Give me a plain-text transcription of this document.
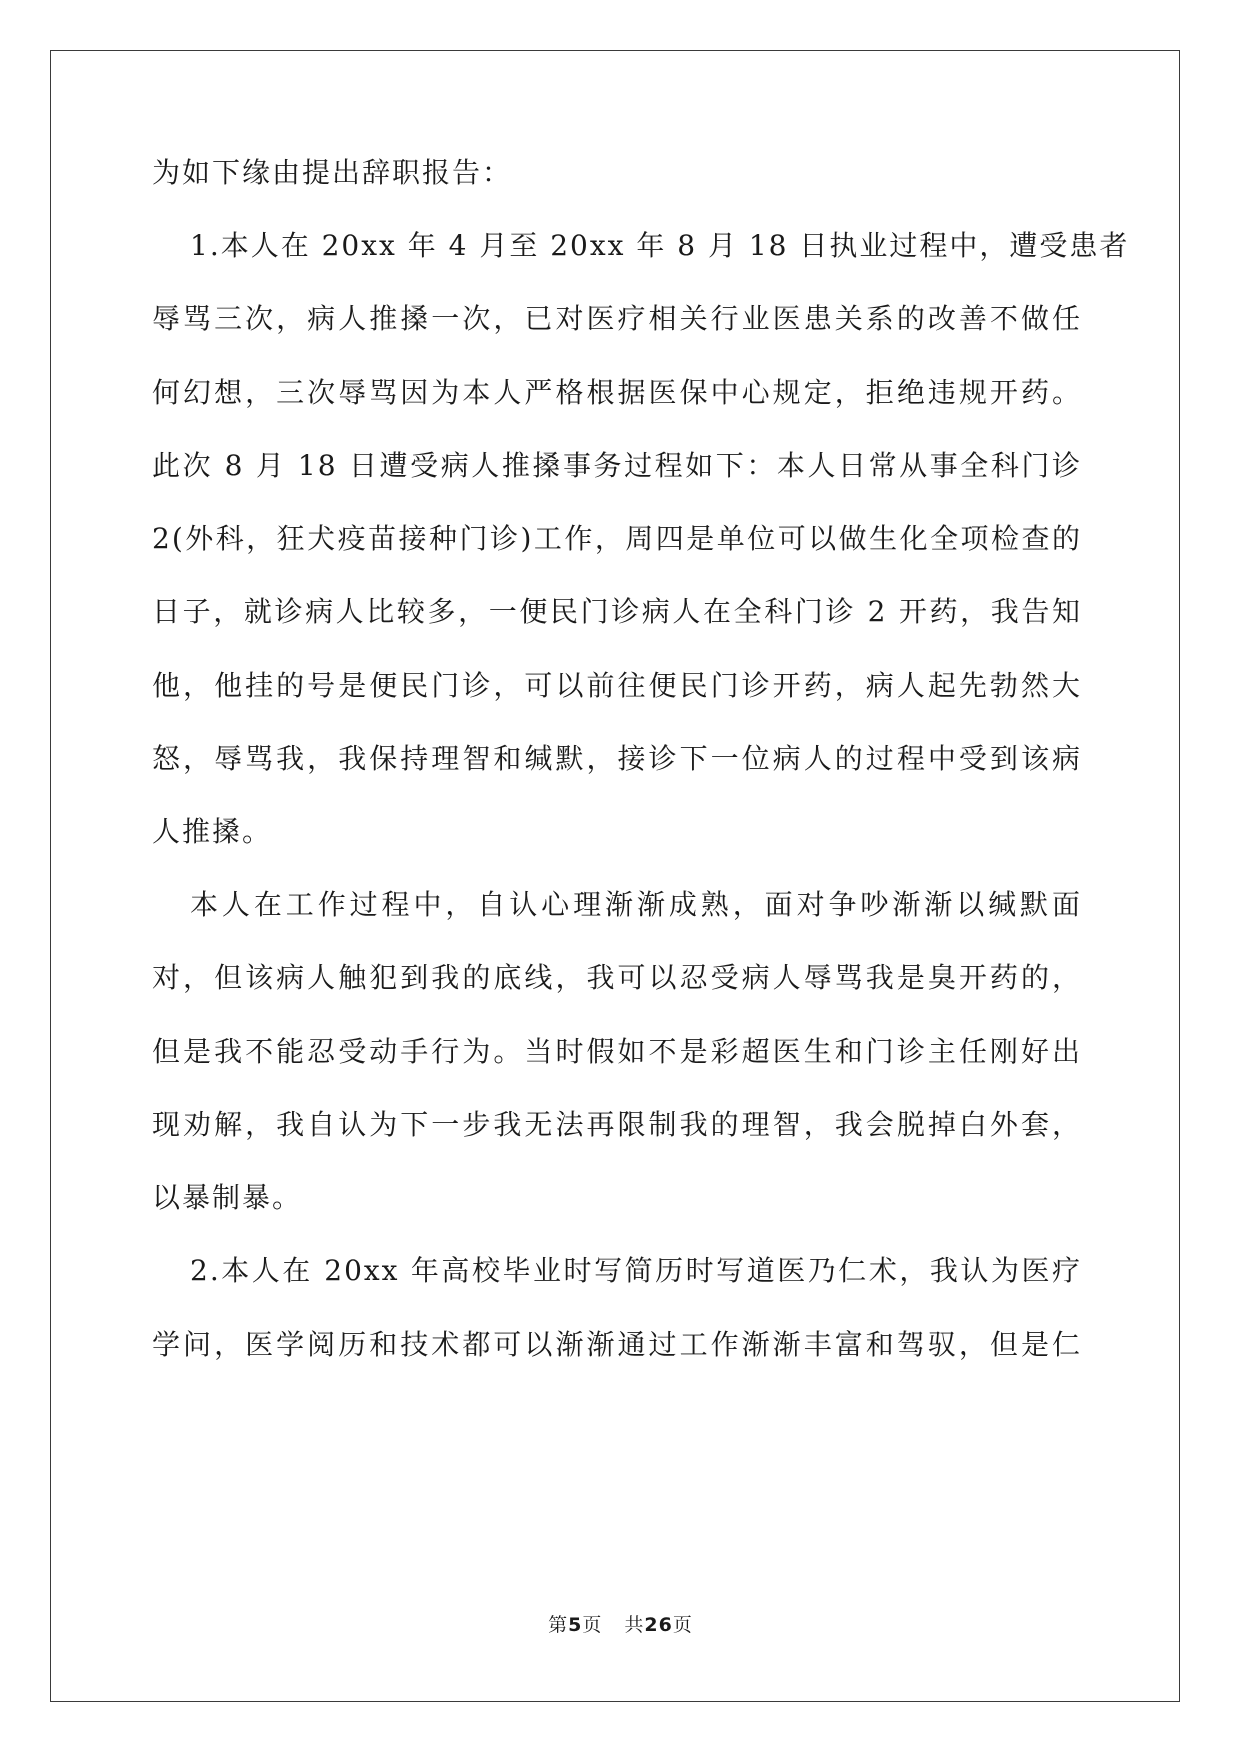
为如下缘由提出辞职报告：
1.本人在 20xx 年 4 月至 20xx 年 8 月 18 日执业过程中，遭受患者
辱骂三次，病人推搡一次，已对医疗相关行业医患关系的改善不做任
何幻想，三次辱骂因为本人严格根据医保中心规定，拒绝违规开药。
此次 8 月 18 日遭受病人推搡事务过程如下：本人日常从事全科门诊
2(外科，狂犬疫苗接种门诊)工作，周四是单位可以做生化全项检查的
日子，就诊病人比较多，一便民门诊病人在全科门诊 2 开药，我告知
他，他挂的号是便民门诊，可以前往便民门诊开药，病人起先勃然大
怒，辱骂我，我保持理智和缄默，接诊下一位病人的过程中受到该病
人推搡。
本人在工作过程中，自认心理渐渐成熟，面对争吵渐渐以缄默面
对，但该病人触犯到我的底线，我可以忍受病人辱骂我是臭开药的，
但是我不能忍受动手行为。当时假如不是彩超医生和门诊主任刚好出
现劝解，我自认为下一步我无法再限制我的理智，我会脱掉白外套，
以暴制暴。
2.本人在 20xx 年高校毕业时写简历时写道医乃仁术，我认为医疗
学问，医学阅历和技术都可以渐渐通过工作渐渐丰富和驾驭，但是仁
第5页 共26页
